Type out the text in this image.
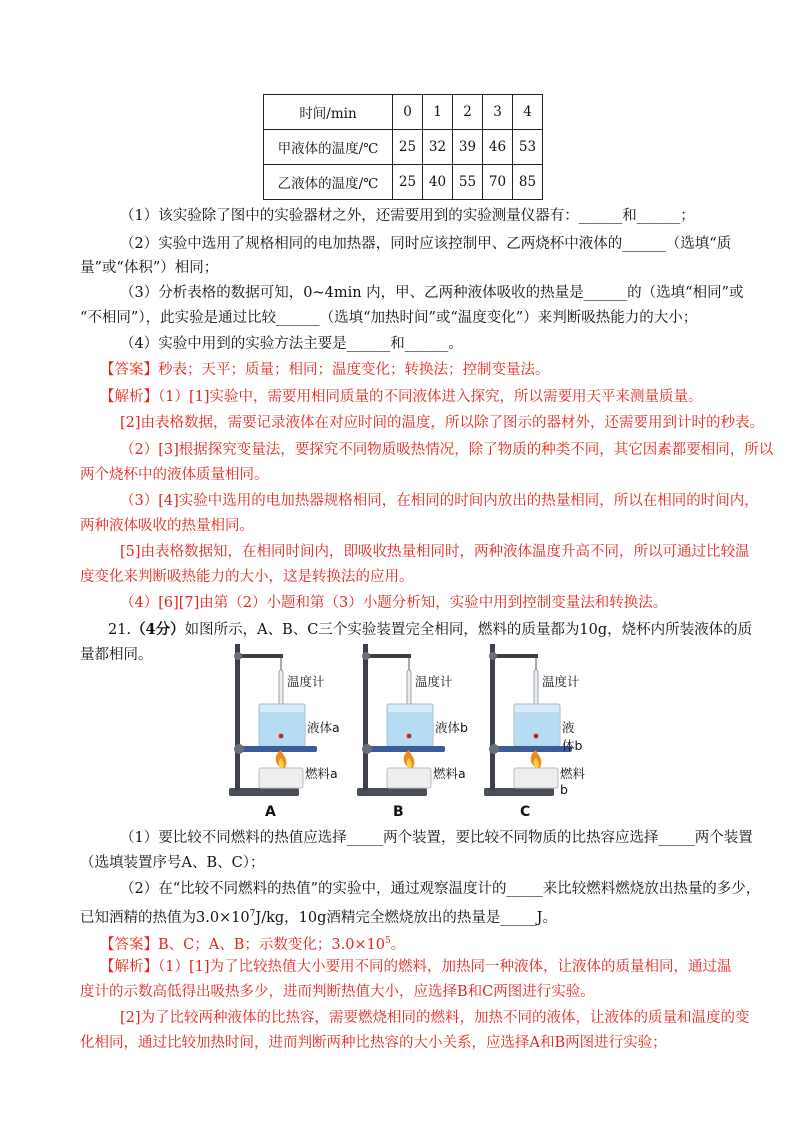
时间/min	0	1	2	3	4
甲液体的温度/℃	25	32	39	46	53
乙液体的温度/℃	25	40	55	70	85
（1）该实验除了图中的实验器材之外，还需要用到的实验测量仪器有：______和______；
（2）实验中选用了规格相同的电加热器，同时应该控制甲、乙两烧杯中液体的______（选填“质
量”或“体积”）相同；
（3）分析表格的数据可知，0~4min 内，甲、乙两种液体吸收的热量是______的（选填“相同”或
“不相同”），此实验是通过比较______（选填“加热时间”或“温度变化”）来判断吸热能力的大小；
（4）实验中用到的实验方法主要是______和______。
【答案】秒表；天平；质量；相同；温度变化；转换法；控制变量法。
【解析】（1）[1]实验中，需要用相同质量的不同液体进入探究，所以需要用天平来测量质量。
[2]由表格数据，需要记录液体在对应时间的温度，所以除了图示的器材外，还需要用到计时的秒表。
（2）[3]根据探究变量法，要探究不同物质吸热情况，除了物质的种类不同，其它因素都要相同，所以
两个烧杯中的液体质量相同。
（3）[4]实验中选用的电加热器规格相同，在相同的时间内放出的热量相同，所以在相同的时间内，
两种液体吸收的热量相同。
[5]由表格数据知，在相同时间内，即吸收热量相同时，两种液体温度升高不同，所以可通过比较温
度变化来判断吸热能力的大小，这是转换法的应用。
（4）[6][7]由第（2）小题和第（3）小题分析知，实验中用到控制变量法和转换法。
21.（4分）如图所示，A、B、C三个实验装置完全相同，燃料的质量都为10g，烧杯内所装液体的质
量都相同。
温度计
液体a
燃料a
A
温度计
液体b
燃料a
B
温度计
液体b
燃料b
C
（1）要比较不同燃料的热值应选择_____两个装置，要比较不同物质的比热容应选择_____两个装置
（选填装置序号A、B、C）；
（2）在“比较不同燃料的热值”的实验中，通过观察温度计的_____来比较燃料燃烧放出热量的多少，
已知酒精的热值为$3.0\times 10^7J/kg$，10g酒精完全燃烧放出的热量是_____J。
【答案】B、C；A、B；示数变化；$3.0\times 10^5$。
【解析】（1）[1]为了比较热值大小要用不同的燃料，加热同一种液体，让液体的质量相同，通过温
度计的示数高低得出吸热多少，进而判断热值大小，应选择B和C两图进行实验。
[2]为了比较两种液体的比热容，需要燃烧相同的燃料，加热不同的液体，让液体的质量和温度的变
化相同，通过比较加热时间，进而判断两种比热容的大小关系，应选择A和B两图进行实验；
